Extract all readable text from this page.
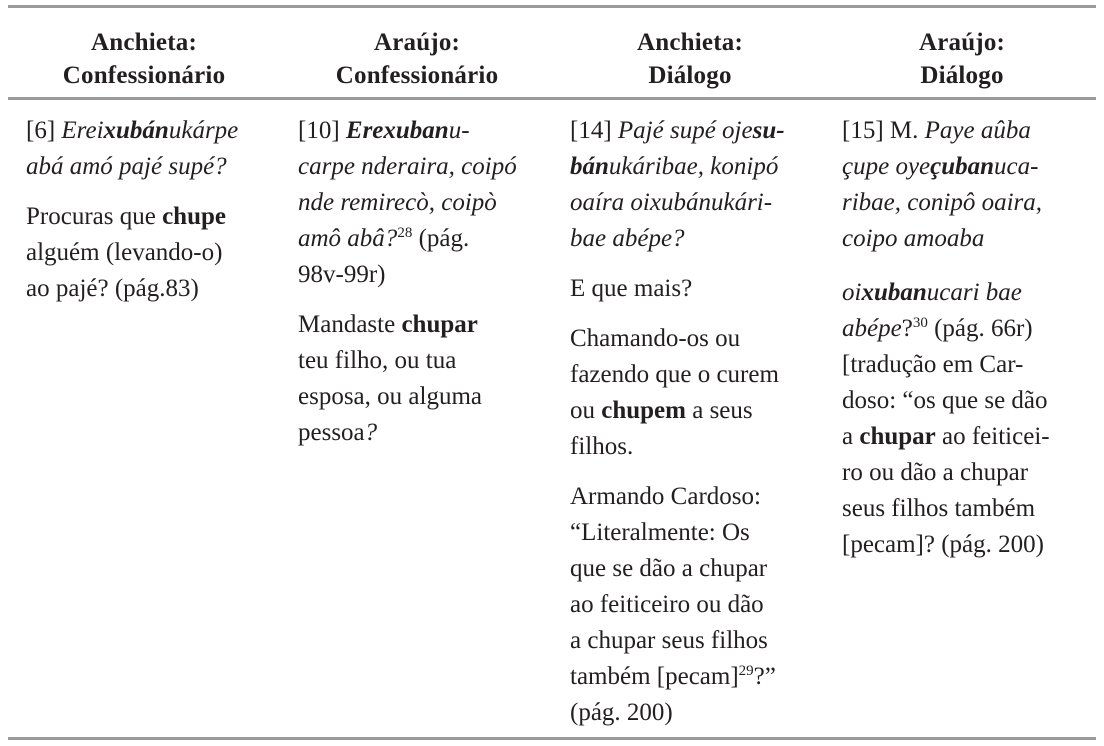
Anchieta:
Confessionário
Araújo:
Confessionário
Anchieta:
Diálogo
Araújo:
Diálogo

[6] Ereixubánukárpe
abá amó pajé supé?

Procuras que chupe
alguém (levando-o)
ao pajé? (pág.83)

[10] Erexubanu-
carpe nderaira, coipó
nde remirecò, coipò
amô abâ?$^{28}$ (pág.
98v-99r)

Mandaste chupar
teu filho, ou tua
esposa, ou alguma
pessoa?

[14] Pajé supé ojesu-
bánukáribae, konipó
oaíra oixubánukári-
bae abépe?

E que mais?

Chamando-os ou
fazendo que o curem
ou chupem a seus
filhos.

Armando Cardoso:
“Literalmente: Os
que se dão a chupar
ao feiticeiro ou dão
a chupar seus filhos
também [pecam]$^{29}$?”
(pág. 200)

[15] M. Paye aûba
çupe oyeçubanuca-
ribae, conipô oaira,
coipo amoaba

oixubanucari bae
abépe?$^{30}$ (pág. 66r)
[tradução em Car-
doso: “os que se dão
a chupar ao feiticei-
ro ou dão a chupar
seus filhos também
[pecam]? (pág. 200)
